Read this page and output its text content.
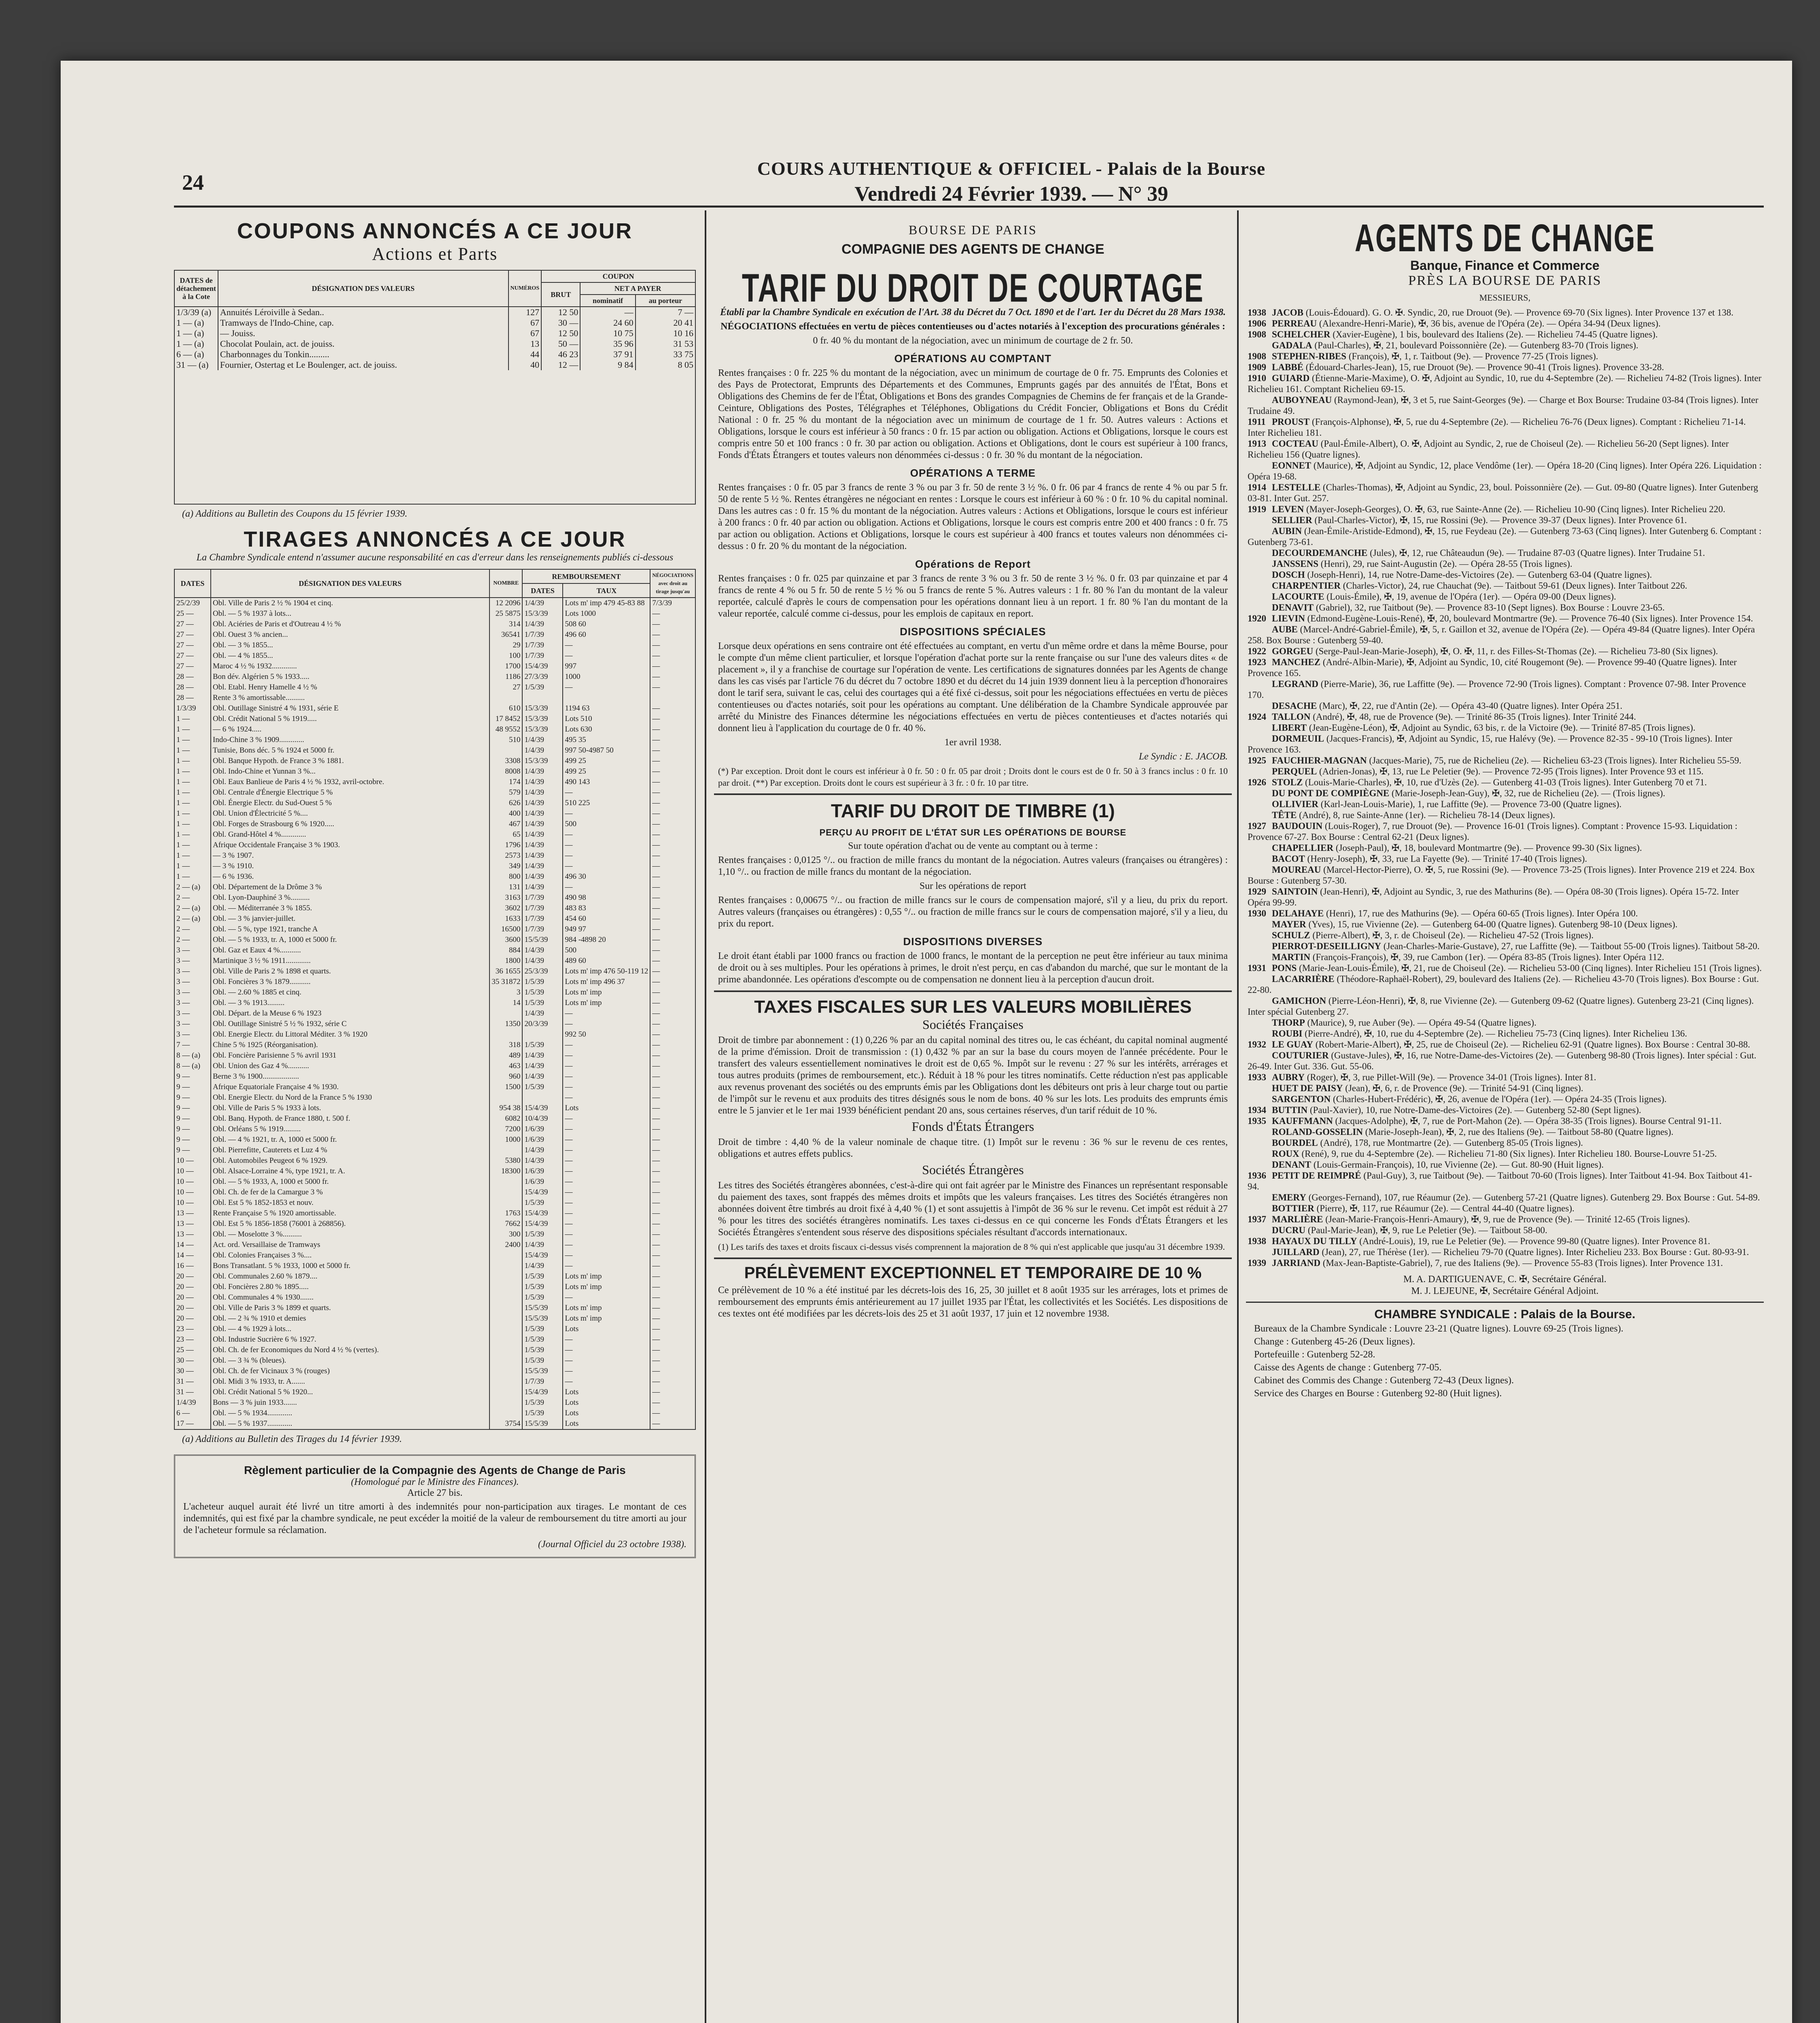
24
COURS AUTHENTIQUE & OFFICIEL - Palais de la Bourse
Vendredi 24 Février 1939. — N° 39
COUPONS ANNONCÉS A CE JOUR
Actions et Parts
DATES de détachement à la Cote	DÉSIGNATION DES VALEURS	NUMÉROS	COUPON		
			BRUT	NET A PAYER	
				nominatif	au porteur
1/3/39 (a)	Annuités Léroiville à Sedan..	127	12 50	—	7 —
1 — (a)	Tramways de l'Indo-Chine, cap.	67	30 —	24 60	20 41
1 — (a)	— Jouiss.	67	12 50	10 75	10 16
1 — (a)	Chocolat Poulain, act. de jouiss.	13	50 —	35 96	31 53
6 — (a)	Charbonnages du Tonkin.........	44	46 23	37 91	33 75
31 — (a)	Fournier, Ostertag et Le Boulenger, act. de jouiss.	40	12 —	9 84	8 05
(a) Additions au Bulletin des Coupons du 15 février 1939.
TIRAGES ANNONCÉS A CE JOUR
La Chambre Syndicale entend n'assumer aucune responsabilité en cas d'erreur dans les renseignements publiés ci-dessous
DATES	DÉSIGNATION DES VALEURS	NOMBRE	REMBOURSEMENT		NÉGOCIATIONS avec droit au tirage jusqu'au
			DATES	TAUX	
25/2/39	Obl. Ville de Paris 2 ½ % 1904 et cinq.	12 2096	1/4/39	Lots m' imp 479 45-83 88	7/3/39
25 —	Obl. — 5 % 1937 à lots...	25 5875	15/3/39	Lots 1000	—
27 —	Obl. Aciéries de Paris et d'Outreau 4 ½ %	314	1/4/39	508 60	—
27 —	Obl. Ouest 3 % ancien...	36541	1/7/39	496 60	—
27 —	Obl. — 3 % 1855...	29	1/7/39	—	—
27 —	Obl. — 4 % 1855...	100	1/7/39	—	—
27 —	Maroc 4 ½ % 1932.............	1700	15/4/39	997	—
28 —	Bon dév. Algérien 5 % 1933.....	1186	27/3/39	1000	—
28 —	Obl. Etabl. Henry Hamelle 4 ½ %	27	1/5/39	—	—
28 —	Rente 3 % amortissable..........				
1/3/39	Obl. Outillage Sinistré 4 % 1931, série E	610	15/3/39	1194 63	—
1 —	Obl. Crédit National 5 % 1919.....	17 8452	15/3/39	Lots 510	—
1 —	— 6 % 1924.....	48 9552	15/3/39	Lots 630	—
1 —	Indo-Chine 3 % 1909.............	510	1/4/39	495 35	—
1 —	Tunisie, Bons déc. 5 % 1924 et 5000 fr.		1/4/39	997 50-4987 50	—
1 —	Obl. Banque Hypoth. de France 3 % 1881.	3308	15/3/39	499 25	—
1 —	Obl. Indo-Chine et Yunnan 3 %...	8008	1/4/39	499 25	—
1 —	Obl. Eaux Banlieue de Paris 4 ½ % 1932, avril-octobre.	174	1/4/39	490 143	—
1 —	Obl. Centrale d'Énergie Electrique 5 %	579	1/4/39	—	—
1 —	Obl. Énergie Electr. du Sud-Ouest 5 %	626	1/4/39	510 225	—
1 —	Obl. Union d'Électricité 5 %....	400	1/4/39	—	—
1 —	Obl. Forges de Strasbourg 6 % 1920.....	467	1/4/39	500	—
1 —	Obl. Grand-Hôtel 4 %.............	65	1/4/39	—	—
1 —	Afrique Occidentale Française 3 % 1903.	1796	1/4/39	—	—
1 —	— 3 % 1907.	2573	1/4/39	—	—
1 —	— 3 % 1910.	349	1/4/39	—	—
1 —	— 6 % 1936.	800	1/4/39	496 30	—
2 — (a)	Obl. Département de la Drôme 3 %	131	1/4/39	—	—
2 —	Obl. Lyon-Dauphiné 3 %..........	3163	1/7/39	490 98	—
2 — (a)	Obl. — Méditerranée 3 % 1855.	3602	1/7/39	483 83	—
2 — (a)	Obl. — 3 % janvier-juillet.	1633	1/7/39	454 60	—
2 —	Obl. — 5 %, type 1921, tranche A	16500	1/7/39	949 97	—
2 —	Obl. — 5 % 1933, tr. A, 1000 et 5000 fr.	3600	15/5/39	984 -4898 20	—
3 —	Obl. Gaz et Eaux 4 %...........	884	1/4/39	500	—
3 —	Martinique 3 ½ % 1911.............	1800	1/4/39	489 60	—
3 —	Obl. Ville de Paris 2 % 1898 et quarts.	36 1655	25/3/39	Lots m' imp 476 50-119 12	—
3 —	Obl. Foncières 3 % 1879...........	35 31872	1/5/39	Lots m' imp 496 37	—
3 —	Obl. — 2.60 % 1885 et cinq.	3	1/5/39	Lots m' imp	—
3 —	Obl. — 3 % 1913.........	14	1/5/39	Lots m' imp	—
3 —	Obl. Départ. de la Meuse 6 % 1923		1/4/39	—	—
3 —	Obl. Outillage Sinistré 5 ½ % 1932, série C	1350	20/3/39	—	—
3 —	Obl. Energie Electr. du Littoral Méditer. 3 % 1920			992 50	—
7 —	Chine 5 % 1925 (Réorganisation).	318	1/5/39	—	—
8 — (a)	Obl. Foncière Parisienne 5 % avril 1931	489	1/4/39	—	—
8 — (a)	Obl. Union des Gaz 4 %...........	463	1/4/39	—	—
9 —	Berne 3 % 1900...................	960	1/4/39	—	—
9 —	Afrique Equatoriale Française 4 % 1930.	1500	1/5/39	—	—
9 —	Obl. Energie Electr. du Nord de la France 5 % 1930			—	—
9 —	Obl. Ville de Paris 5 % 1933 à lots.	954 38	15/4/39	Lots	—
9 —	Obl. Banq. Hypoth. de France 1880, t. 500 f.	6082	10/4/39	—	—
9 —	Obl. Orléans 5 % 1919.........	7200	1/6/39	—	—
9 —	Obl. — 4 % 1921, tr. A, 1000 et 5000 fr.	1000	1/6/39	—	—
9 —	Obl. Pierrefitte, Cauterets et Luz 4 %		1/4/39	—	—
10 —	Obl. Automobiles Peugeot 6 % 1929.	5380	1/4/39	—	—
10 —	Obl. Alsace-Lorraine 4 %, type 1921, tr. A.	18300	1/6/39	—	—
10 —	Obl. — 5 % 1933, A, 1000 et 5000 fr.		1/6/39	—	—
10 —	Obl. Ch. de fer de la Camargue 3 %		15/4/39	—	—
10 —	Obl. Est 5 % 1852-1853 et nouv.		1/5/39	—	—
13 —	Rente Française 5 % 1920 amortissable.	1763	15/4/39	—	—
13 —	Obl. Est 5 % 1856-1858 (76001 à 268856).	7662	15/4/39	—	—
13 —	Obl. — Moselotte 3 %..........	300	1/5/39	—	—
14 —	Act. ord. Versaillaise de Tramways	2400	1/4/39	—	—
14 —	Obl. Colonies Françaises 3 %....		15/4/39	—	—
16 —	Bons Transatlant. 5 % 1933, 1000 et 5000 fr.		1/4/39	—	—
20 —	Obl. Communales 2.60 % 1879....		1/5/39	Lots m' imp	—
20 —	Obl. Foncières 2.80 % 1895.....		1/5/39	Lots m' imp	—
20 —	Obl. Communales 4 % 1930.......		1/5/39	—	—
20 —	Obl. Ville de Paris 3 % 1899 et quarts.		15/5/39	Lots m' imp	—
20 —	Obl. — 2 ¾ % 1910 et demies		15/5/39	Lots m' imp	—
23 —	Obl. — 4 % 1929 à lots...		1/5/39	Lots	—
23 —	Obl. Industrie Sucrière 6 % 1927.		1/5/39	—	—
25 —	Obl. Ch. de fer Economiques du Nord 4 ½ % (vertes).		1/5/39	—	—
30 —	Obl. — 3 ¾ % (bleues).		1/5/39	—	—
30 —	Obl. Ch. de fer Vicinaux 3 % (rouges)		15/5/39	—	—
31 —	Obl. Midi 3 % 1933, tr. A.......		1/7/39	—	—
31 —	Obl. Crédit National 5 % 1920...		15/4/39	Lots	—
1/4/39	Bons — 3 % juin 1933.......		1/5/39	Lots	—
6 —	Obl. — 5 % 1934.............		1/5/39	Lots	—
17 —	Obl. — 5 % 1937.............	3754	15/5/39	Lots	—
(a) Additions au Bulletin des Tirages du 14 février 1939.
Règlement particulier de la Compagnie des Agents de Change de Paris
(Homologué par le Ministre des Finances).
Article 27 bis.
L'acheteur auquel aurait été livré un titre amorti à des indemnités pour non-participation aux tirages. Le montant de ces indemnités, qui est fixé par la chambre syndicale, ne peut excéder la moitié de la valeur de remboursement du titre amorti au jour de l'acheteur formule sa réclamation.
(Journal Officiel du 23 octobre 1938).
BOURSE DE PARIS
COMPAGNIE DES AGENTS DE CHANGE
TARIF DU DROIT DE COURTAGE
Établi par la Chambre Syndicale en exécution de l'Art. 38 du Décret du 7 Oct. 1890 et de l'art. 1er du Décret du 28 Mars 1938.
NÉGOCIATIONS effectuées en vertu de pièces contentieuses ou d'actes notariés à l'exception des procurations générales :
0 fr. 40 % du montant de la négociation, avec un minimum de courtage de 2 fr. 50.
OPÉRATIONS AU COMPTANT
Rentes françaises : 0 fr. 225 % du montant de la négociation, avec un minimum de courtage de 0 fr. 75. Emprunts des Colonies et des Pays de Protectorat, Emprunts des Départements et des Communes, Emprunts gagés par des annuités de l'État, Bons et Obligations des Chemins de fer de l'État, Obligations et Bons des grandes Compagnies de Chemins de fer français et de la Grande-Ceinture, Obligations des Postes, Télégraphes et Téléphones, Obligations du Crédit Foncier, Obligations et Bons du Crédit National : 0 fr. 25 % du montant de la négociation avec un minimum de courtage de 1 fr. 50. Autres valeurs : Actions et Obligations, lorsque le cours est inférieur à 50 francs : 0 fr. 15 par action ou obligation. Actions et Obligations, lorsque le cours est compris entre 50 et 100 francs : 0 fr. 30 par action ou obligation. Actions et Obligations, dont le cours est supérieur à 100 francs, Fonds d'États Étrangers et toutes valeurs non dénommées ci-dessus : 0 fr. 30 % du montant de la négociation.
OPÉRATIONS A TERME
Rentes françaises : 0 fr. 05 par 3 francs de rente 3 % ou par 3 fr. 50 de rente 3 ½ %. 0 fr. 06 par 4 francs de rente 4 % ou par 5 fr. 50 de rente 5 ½ %. Rentes étrangères ne négociant en rentes : Lorsque le cours est inférieur à 60 % : 0 fr. 10 % du capital nominal. Dans les autres cas : 0 fr. 15 % du montant de la négociation. Autres valeurs : Actions et Obligations, lorsque le cours est inférieur à 200 francs : 0 fr. 40 par action ou obligation. Actions et Obligations, lorsque le cours est compris entre 200 et 400 francs : 0 fr. 75 par action ou obligation. Actions et Obligations, lorsque le cours est supérieur à 400 francs et toutes valeurs non dénommées ci-dessus : 0 fr. 20 % du montant de la négociation.
Opérations de Report
Rentes françaises : 0 fr. 025 par quinzaine et par 3 francs de rente 3 % ou 3 fr. 50 de rente 3 ½ %. 0 fr. 03 par quinzaine et par 4 francs de rente 4 % ou 5 fr. 50 de rente 5 ½ % ou 5 francs de rente 5 %. Autres valeurs : 1 fr. 80 % l'an du montant de la valeur reportée, calculé d'après le cours de compensation pour les opérations donnant lieu à un report. 1 fr. 80 % l'an du montant de la valeur reportée, calculé comme ci-dessus, pour les emplois de capitaux en report.
DISPOSITIONS SPÉCIALES
Lorsque deux opérations en sens contraire ont été effectuées au comptant, en vertu d'un même ordre et dans la même Bourse, pour le compte d'un même client particulier, et lorsque l'opération d'achat porte sur la rente française ou sur l'une des valeurs dites « de placement », il y a franchise de courtage sur l'opération de vente. Les certifications de signatures données par les Agents de change dans les cas visés par l'article 76 du décret du 7 octobre 1890 et du décret du 14 juin 1939 donnent lieu à la perception d'honoraires dont le tarif sera, suivant le cas, celui des courtages qui a été fixé ci-dessus, soit pour les négociations effectuées en vertu de pièces contentieuses ou d'actes notariés, soit pour les opérations au comptant. Une délibération de la Chambre Syndicale approuvée par arrêté du Ministre des Finances détermine les négociations effectuées en vertu de pièces contentieuses et d'actes notariés qui donnent lieu à l'application du courtage de 0 fr. 40 %.
1er avril 1938.
Le Syndic : E. JACOB.
(*) Par exception. Droit dont le cours est inférieur à 0 fr. 50 : 0 fr. 05 par droit ; Droits dont le cours est de 0 fr. 50 à 3 francs inclus : 0 fr. 10 par droit. (**) Par exception. Droits dont le cours est supérieur à 3 fr. : 0 fr. 10 par titre.
TARIF DU DROIT DE TIMBRE (1)
PERÇU AU PROFIT DE L'ÉTAT SUR LES OPÉRATIONS DE BOURSE
Sur toute opération d'achat ou de vente au comptant ou à terme :
Rentes françaises : 0,0125 °/.. ou fraction de mille francs du montant de la négociation. Autres valeurs (françaises ou étrangères) : 1,10 °/.. ou fraction de mille francs du montant de la négociation.
Sur les opérations de report
Rentes françaises : 0,00675 °/.. ou fraction de mille francs sur le cours de compensation majoré, s'il y a lieu, du prix du report. Autres valeurs (françaises ou étrangères) : 0,55 °/.. ou fraction de mille francs sur le cours de compensation majoré, s'il y a lieu, du prix du report.
DISPOSITIONS DIVERSES
Le droit étant établi par 1000 francs ou fraction de 1000 francs, le montant de la perception ne peut être inférieur au taux minima de droit ou à ses multiples. Pour les opérations à primes, le droit n'est perçu, en cas d'abandon du marché, que sur le montant de la prime abandonnée. Les opérations d'escompte ou de compensation ne donnent lieu à la perception d'aucun droit.
TAXES FISCALES SUR LES VALEURS MOBILIÈRES
Sociétés Françaises
Droit de timbre par abonnement : (1) 0,226 % par an du capital nominal des titres ou, le cas échéant, du capital nominal augmenté de la prime d'émission. Droit de transmission : (1) 0,432 % par an sur la base du cours moyen de l'année précédente. Pour le transfert des valeurs essentiellement nominatives le droit est de 0,65 %. Impôt sur le revenu : 27 % sur les intérêts, arrérages et tous autres produits (primes de remboursement, etc.). Réduit à 18 % pour les titres nominatifs. Cette réduction n'est pas applicable aux revenus provenant des sociétés ou des emprunts émis par les Obligations dont les débiteurs ont pris à leur charge tout ou partie de l'impôt sur le revenu et aux produits des titres désignés sous le nom de bons. 40 % sur les lots. Les produits des emprunts émis entre le 5 janvier et le 1er mai 1939 bénéficient pendant 20 ans, sous certaines réserves, d'un tarif réduit de 10 %.
Fonds d'États Étrangers
Droit de timbre : 4,40 % de la valeur nominale de chaque titre. (1) Impôt sur le revenu : 36 % sur le revenu de ces rentes, obligations et autres effets publics.
Sociétés Étrangères
Les titres des Sociétés étrangères abonnées, c'est-à-dire qui ont fait agréer par le Ministre des Finances un représentant responsable du paiement des taxes, sont frappés des mêmes droits et impôts que les valeurs françaises. Les titres des Sociétés étrangères non abonnées doivent être timbrés au droit fixé à 4,40 % (1) et sont assujettis à l'impôt de 36 % sur le revenu. Cet impôt est réduit à 27 % pour les titres des sociétés étrangères nominatifs. Les taxes ci-dessus en ce qui concerne les Fonds d'États Étrangers et les Sociétés Étrangères s'entendent sous réserve des dispositions spéciales résultant d'accords internationaux.
(1) Les tarifs des taxes et droits fiscaux ci-dessus visés comprennent la majoration de 8 % qui n'est applicable que jusqu'au 31 décembre 1939.
PRÉLÈVEMENT EXCEPTIONNEL ET TEMPORAIRE DE 10 %
Ce prélèvement de 10 % a été institué par les décrets-lois des 16, 25, 30 juillet et 8 août 1935 sur les arrérages, lots et primes de remboursement des emprunts émis antérieurement au 17 juillet 1935 par l'État, les collectivités et les Sociétés. Les dispositions de ces textes ont été modifiées par les décrets-lois des 25 et 31 août 1937, 17 juin et 12 novembre 1938.
AGENTS DE CHANGE
Banque, Finance et Commerce
PRÈS LA BOURSE DE PARIS
MESSIEURS,
1938 JACOB (Louis-Édouard). G. O. ✠. Syndic, 20, rue Drouot (9e). — Provence 69-70 (Six lignes). Inter Provence 137 et 138.
1906 PERREAU (Alexandre-Henri-Marie), ✠, 36 bis, avenue de l'Opéra (2e). — Opéra 34-94 (Deux lignes).
1908 SCHELCHER (Xavier-Eugène), 1 bis, boulevard des Italiens (2e). — Richelieu 74-45 (Quatre lignes).
GADALA (Paul-Charles), ✠, 21, boulevard Poissonnière (2e). — Gutenberg 83-70 (Trois lignes).
1908 STEPHEN-RIBES (François), ✠, 1, r. Taitbout (9e). — Provence 77-25 (Trois lignes).
1909 LABBÉ (Édouard-Charles-Jean), 15, rue Drouot (9e). — Provence 90-41 (Trois lignes). Provence 33-28.
1910 GUIARD (Étienne-Marie-Maxime), O. ✠, Adjoint au Syndic, 10, rue du 4-Septembre (2e). — Richelieu 74-82 (Trois lignes). Inter Richelieu 161. Comptant Richelieu 69-15.
AUBOYNEAU (Raymond-Jean), ✠, 3 et 5, rue Saint-Georges (9e). — Charge et Box Bourse: Trudaine 03-84 (Trois lignes). Inter Trudaine 49.
1911 PROUST (François-Alphonse), ✠, 5, rue du 4-Septembre (2e). — Richelieu 76-76 (Deux lignes). Comptant : Richelieu 71-14. Inter Richelieu 181.
1913 COCTEAU (Paul-Émile-Albert), O. ✠, Adjoint au Syndic, 2, rue de Choiseul (2e). — Richelieu 56-20 (Sept lignes). Inter Richelieu 156 (Quatre lignes).
EONNET (Maurice), ✠, Adjoint au Syndic, 12, place Vendôme (1er). — Opéra 18-20 (Cinq lignes). Inter Opéra 226. Liquidation : Opéra 19-68.
1914 LESTELLE (Charles-Thomas), ✠, Adjoint au Syndic, 23, boul. Poissonnière (2e). — Gut. 09-80 (Quatre lignes). Inter Gutenberg 03-81. Inter Gut. 257.
1919 LEVEN (Mayer-Joseph-Georges), O. ✠, 63, rue Sainte-Anne (2e). — Richelieu 10-90 (Cinq lignes). Inter Richelieu 220.
SELLIER (Paul-Charles-Victor), ✠, 15, rue Rossini (9e). — Provence 39-37 (Deux lignes). Inter Provence 61.
AUBIN (Jean-Émile-Aristide-Edmond), ✠, 15, rue Feydeau (2e). — Gutenberg 73-63 (Cinq lignes). Inter Gutenberg 6. Comptant : Gutenberg 73-61.
DECOURDEMANCHE (Jules), ✠, 12, rue Châteaudun (9e). — Trudaine 87-03 (Quatre lignes). Inter Trudaine 51.
JANSSENS (Henri), 29, rue Saint-Augustin (2e). — Opéra 28-55 (Trois lignes).
DOSCH (Joseph-Henri), 14, rue Notre-Dame-des-Victoires (2e). — Gutenberg 63-04 (Quatre lignes).
CHARPENTIER (Charles-Victor), 24, rue Chauchat (9e). — Taitbout 59-61 (Deux lignes). Inter Taitbout 226.
LACOURTE (Louis-Émile), ✠, 19, avenue de l'Opéra (1er). — Opéra 09-00 (Deux lignes).
DENAVIT (Gabriel), 32, rue Taitbout (9e). — Provence 83-10 (Sept lignes). Box Bourse : Louvre 23-65.
1920 LIEVIN (Edmond-Eugène-Louis-René), ✠, 20, boulevard Montmartre (9e). — Provence 76-40 (Six lignes). Inter Provence 154.
AUBE (Marcel-André-Gabriel-Émile), ✠, 5, r. Gaillon et 32, avenue de l'Opéra (2e). — Opéra 49-84 (Quatre lignes). Inter Opéra 258. Box Bourse : Gutenberg 59-40.
1922 GORGEU (Serge-Paul-Jean-Marie-Joseph), ✠, O. ✠, 11, r. des Filles-St-Thomas (2e). — Richelieu 73-80 (Six lignes).
1923 MANCHEZ (André-Albin-Marie), ✠, Adjoint au Syndic, 10, cité Rougemont (9e). — Provence 99-40 (Quatre lignes). Inter Provence 165.
LEGRAND (Pierre-Marie), 36, rue Laffitte (9e). — Provence 72-90 (Trois lignes). Comptant : Provence 07-98. Inter Provence 170.
DESACHE (Marc), ✠, 22, rue d'Antin (2e). — Opéra 43-40 (Quatre lignes). Inter Opéra 251.
1924 TALLON (André), ✠, 48, rue de Provence (9e). — Trinité 86-35 (Trois lignes). Inter Trinité 244.
LIBERT (Jean-Eugène-Léon), ✠, Adjoint au Syndic, 63 bis, r. de la Victoire (9e). — Trinité 87-85 (Trois lignes).
DORMEUIL (Jacques-Francis), ✠, Adjoint au Syndic, 15, rue Halévy (9e). — Provence 82-35 - 99-10 (Trois lignes). Inter Provence 163.
1925 FAUCHIER-MAGNAN (Jacques-Marie), 75, rue de Richelieu (2e). — Richelieu 63-23 (Trois lignes). Inter Richelieu 55-59.
PERQUEL (Adrien-Jonas), ✠, 13, rue Le Peletier (9e). — Provence 72-95 (Trois lignes). Inter Provence 93 et 115.
1926 STOLZ (Louis-Marie-Charles), ✠, 10, rue d'Uzès (2e). — Gutenberg 41-03 (Trois lignes). Inter Gutenberg 70 et 71.
DU PONT DE COMPIÈGNE (Marie-Joseph-Jean-Guy), ✠, 32, rue de Richelieu (2e). — (Trois lignes).
OLLIVIER (Karl-Jean-Louis-Marie), 1, rue Laffitte (9e). — Provence 73-00 (Quatre lignes).
TÊTE (André), 8, rue Sainte-Anne (1er). — Richelieu 78-14 (Deux lignes).
1927 BAUDOUIN (Louis-Roger), 7, rue Drouot (9e). — Provence 16-01 (Trois lignes). Comptant : Provence 15-93. Liquidation : Provence 67-27. Box Bourse : Central 62-21 (Deux lignes).
CHAPELLIER (Joseph-Paul), ✠, 18, boulevard Montmartre (9e). — Provence 99-30 (Six lignes).
BACOT (Henry-Joseph), ✠, 33, rue La Fayette (9e). — Trinité 17-40 (Trois lignes).
MOUREAU (Marcel-Hector-Pierre), O. ✠, 5, rue Rossini (9e). — Provence 73-25 (Trois lignes). Inter Provence 219 et 224. Box Bourse : Gutenberg 57-30.
1929 SAINTOIN (Jean-Henri), ✠, Adjoint au Syndic, 3, rue des Mathurins (8e). — Opéra 08-30 (Trois lignes). Opéra 15-72. Inter Opéra 99-99.
1930 DELAHAYE (Henri), 17, rue des Mathurins (9e). — Opéra 60-65 (Trois lignes). Inter Opéra 100.
MAYER (Yves), 15, rue Vivienne (2e). — Gutenberg 64-00 (Quatre lignes). Gutenberg 98-10 (Deux lignes).
SCHULZ (Pierre-Albert), ✠, 3, r. de Choiseul (2e). — Richelieu 47-52 (Trois lignes).
PIERROT-DESEILLIGNY (Jean-Charles-Marie-Gustave), 27, rue Laffitte (9e). — Taitbout 55-00 (Trois lignes). Taitbout 58-20.
MARTIN (François-François), ✠, 39, rue Cambon (1er). — Opéra 83-85 (Trois lignes). Inter Opéra 112.
1931 PONS (Marie-Jean-Louis-Émile), ✠, 21, rue de Choiseul (2e). — Richelieu 53-00 (Cinq lignes). Inter Richelieu 151 (Trois lignes).
LACARRIÈRE (Théodore-Raphaël-Robert), 29, boulevard des Italiens (2e). — Richelieu 43-70 (Trois lignes). Box Bourse : Gut. 22-80.
GAMICHON (Pierre-Léon-Henri), ✠, 8, rue Vivienne (2e). — Gutenberg 09-62 (Quatre lignes). Gutenberg 23-21 (Cinq lignes). Inter spécial Gutenberg 27.
THORP (Maurice), 9, rue Auber (9e). — Opéra 49-54 (Quatre lignes).
ROUBI (Pierre-André), ✠, 10, rue du 4-Septembre (2e). — Richelieu 75-73 (Cinq lignes). Inter Richelieu 136.
1932 LE GUAY (Robert-Marie-Albert), ✠, 25, rue de Choiseul (2e). — Richelieu 62-91 (Quatre lignes). Box Bourse : Central 30-88.
COUTURIER (Gustave-Jules), ✠, 16, rue Notre-Dame-des-Victoires (2e). — Gutenberg 98-80 (Trois lignes). Inter spécial : Gut. 26-49. Inter Gut. 336. Gut. 55-06.
1933 AUBRY (Roger), ✠, 3, rue Pillet-Will (9e). — Provence 34-01 (Trois lignes). Inter 81.
HUET DE PAISY (Jean), ✠, 6, r. de Provence (9e). — Trinité 54-91 (Cinq lignes).
SARGENTON (Charles-Hubert-Frédéric), ✠, 26, avenue de l'Opéra (1er). — Opéra 24-35 (Trois lignes).
1934 BUTTIN (Paul-Xavier), 10, rue Notre-Dame-des-Victoires (2e). — Gutenberg 52-80 (Sept lignes).
1935 KAUFFMANN (Jacques-Adolphe), ✠, 7, rue de Port-Mahon (2e). — Opéra 38-35 (Trois lignes). Bourse Central 91-11.
ROLAND-GOSSELIN (Marie-Joseph-Jean), ✠, 2, rue des Italiens (9e). — Taitbout 58-80 (Quatre lignes).
BOURDEL (André), 178, rue Montmartre (2e). — Gutenberg 85-05 (Trois lignes).
ROUX (René), 9, rue du 4-Septembre (2e). — Richelieu 71-80 (Six lignes). Inter Richelieu 180. Bourse-Louvre 51-25.
DENANT (Louis-Germain-François), 10, rue Vivienne (2e). — Gut. 80-90 (Huit lignes).
1936 PETIT DE REIMPRÉ (Paul-Guy), 3, rue Taitbout (9e). — Taitbout 70-60 (Trois lignes). Inter Taitbout 41-94. Box Taitbout 41-94.
EMERY (Georges-Fernand), 107, rue Réaumur (2e). — Gutenberg 57-21 (Quatre lignes). Gutenberg 29. Box Bourse : Gut. 54-89.
BOTTIER (Pierre), ✠, 117, rue Réaumur (2e). — Central 44-40 (Quatre lignes).
1937 MARLIÈRE (Jean-Marie-François-Henri-Amaury), ✠, 9, rue de Provence (9e). — Trinité 12-65 (Trois lignes).
DUCRU (Paul-Marie-Jean), ✠, 9, rue Le Peletier (9e). — Taitbout 58-00.
1938 HAYAUX DU TILLY (André-Louis), 19, rue Le Peletier (9e). — Provence 99-80 (Quatre lignes). Inter Provence 81.
JUILLARD (Jean), 27, rue Thérèse (1er). — Richelieu 79-70 (Quatre lignes). Inter Richelieu 233. Box Bourse : Gut. 80-93-91.
1939 JARRIAND (Max-Jean-Baptiste-Gabriel), 7, rue des Italiens (9e). — Provence 55-83 (Trois lignes). Inter Provence 131.
M. A. DARTIGUENAVE, C. ✠, Secrétaire Général.
M. J. LEJEUNE, ✠, Secrétaire Général Adjoint.
CHAMBRE SYNDICALE : Palais de la Bourse.
Bureaux de la Chambre Syndicale : Louvre 23-21 (Quatre lignes). Louvre 69-25 (Trois lignes).
Change : Gutenberg 45-26 (Deux lignes).
Portefeuille : Gutenberg 52-28.
Caisse des Agents de change : Gutenberg 77-05.
Cabinet des Commis des Change : Gutenberg 72-43 (Deux lignes).
Service des Charges en Bourse : Gutenberg 92-80 (Huit lignes).
